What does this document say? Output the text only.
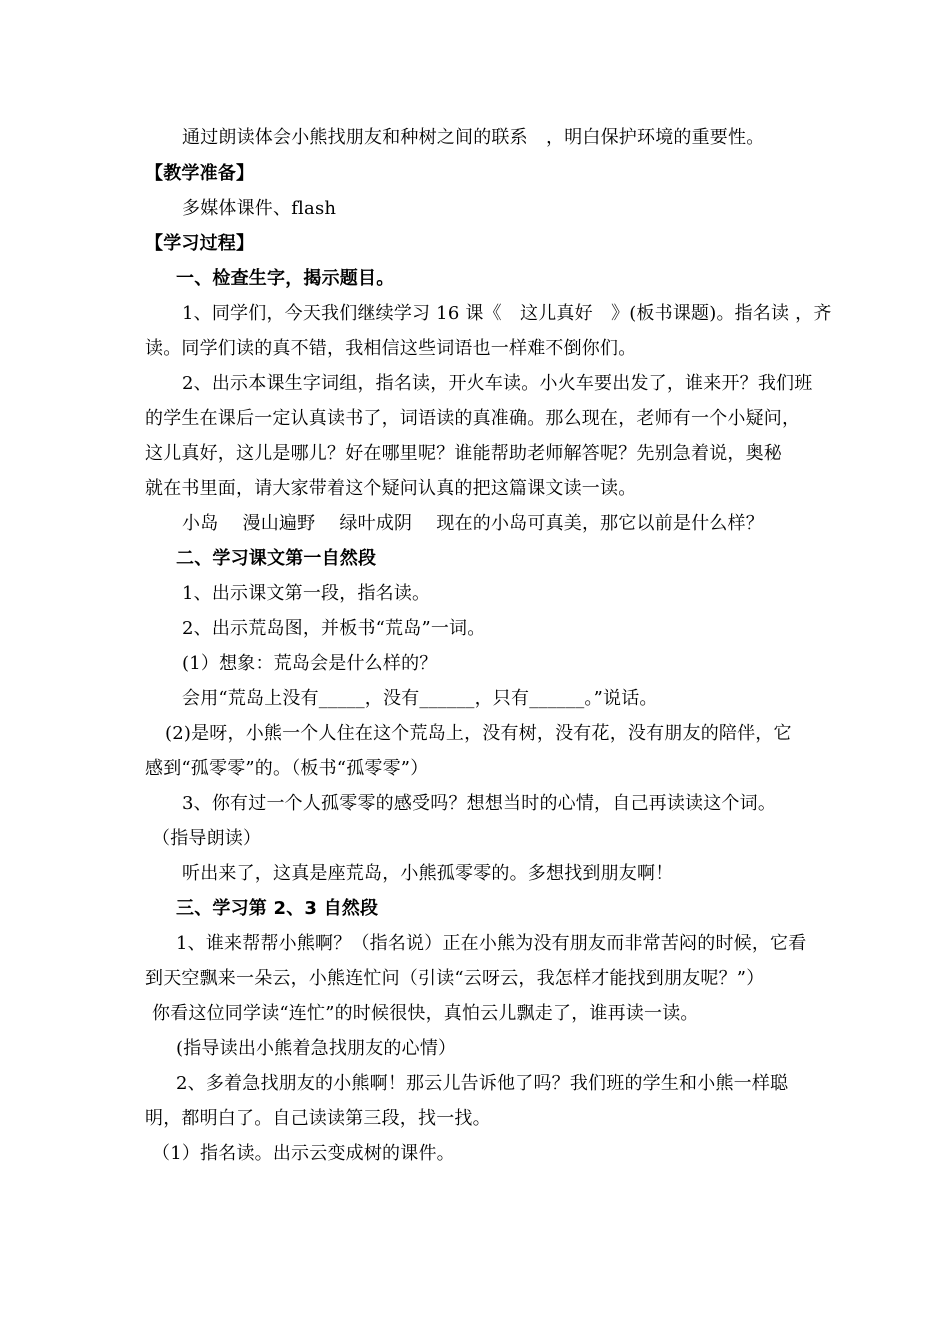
通过朗读体会小熊找朋友和种树之间的联系　，明白保护环境的重要性。
【教学准备】
多媒体课件、flash
【学习过程】
一、检查生字，揭示题目。
1、同学们，今天我们继续学习 16 课《　这儿真好　》(板书课题)。指名读 ，齐
读。同学们读的真不错，我相信这些词语也一样难不倒你们。
2、出示本课生字词组，指名读，开火车读。小火车要出发了，谁来开？我们班
的学生在课后一定认真读书了，词语读的真准确。那么现在，老师有一个小疑问，
这儿真好，这儿是哪儿？好在哪里呢？谁能帮助老师解答呢？先别急着说，奥秘
就在书里面，请大家带着这个疑问认真的把这篇课文读一读。
小岛　 漫山遍野　 绿叶成阴　 现在的小岛可真美，那它以前是什么样？
二、学习课文第一自然段
1、出示课文第一段，指名读。
2、出示荒岛图，并板书“荒岛”一词。
(1）想象：荒岛会是什么样的？
会用“荒岛上没有_____，没有______，只有______。”说话。
(2)是呀，小熊一个人住在这个荒岛上，没有树，没有花，没有朋友的陪伴，它
感到“孤零零”的。（板书“孤零零”）
3、你有过一个人孤零零的感受吗？想想当时的心情，自己再读读这个词。
（指导朗读）
听出来了，这真是座荒岛，小熊孤零零的。多想找到朋友啊！
三、学习第 2、3 自然段
1、谁来帮帮小熊啊？（指名说）正在小熊为没有朋友而非常苦闷的时候，它看
到天空飘来一朵云，小熊连忙问（引读“云呀云，我怎样才能找到朋友呢？”）
你看这位同学读“连忙”的时候很快，真怕云儿飘走了，谁再读一读。
(指导读出小熊着急找朋友的心情）
2、多着急找朋友的小熊啊！那云儿告诉他了吗？我们班的学生和小熊一样聪
明，都明白了。自己读读第三段，找一找。
（1）指名读。出示云变成树的课件。
